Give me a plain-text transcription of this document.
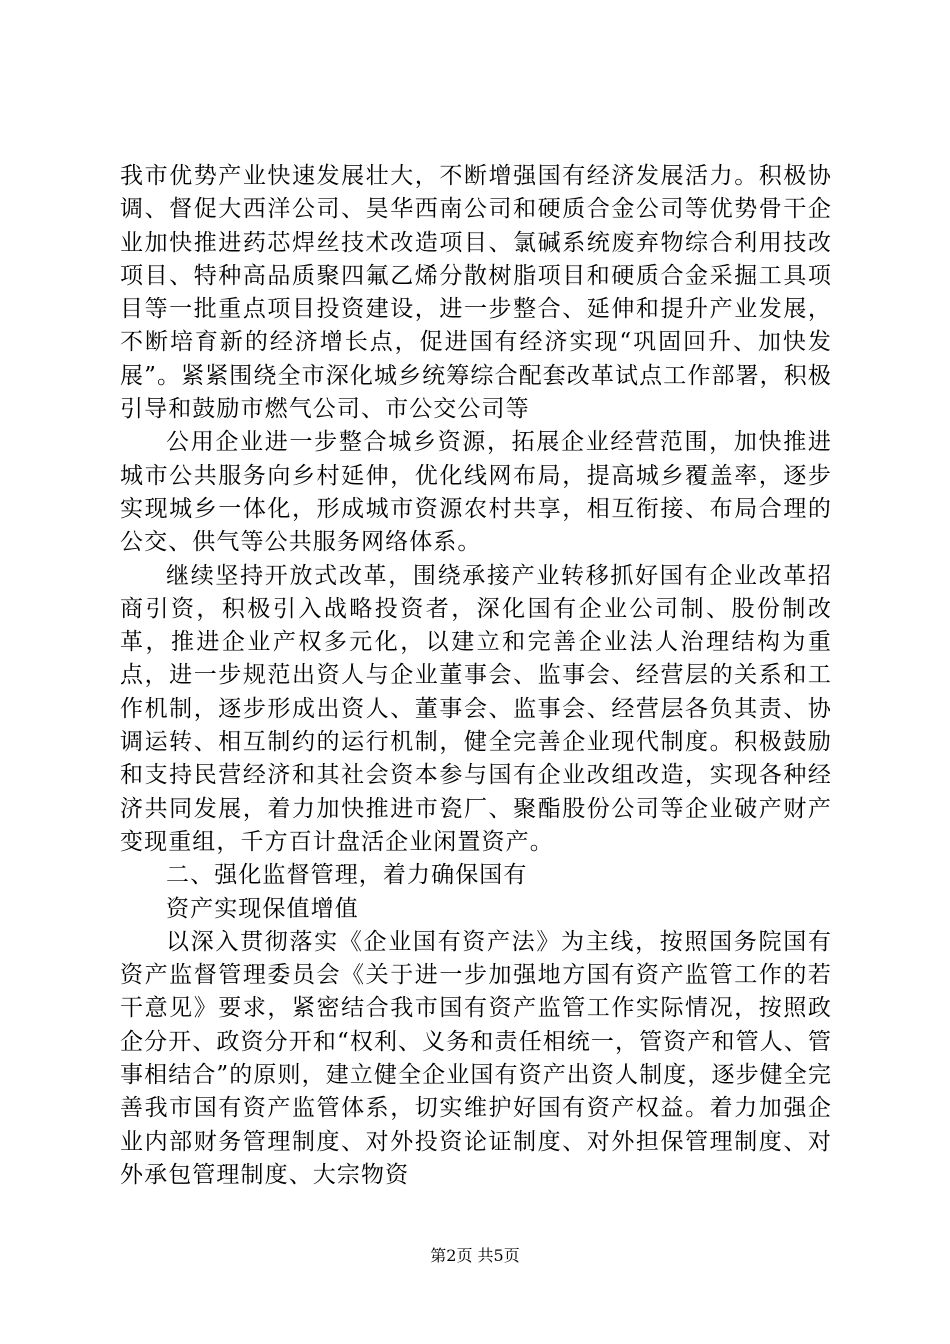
我市优势产业快速发展壮大，不断增强国有经济发展活力。积极协调、督促大西洋公司、昊华西南公司和硬质合金公司等优势骨干企业加快推进药芯焊丝技术改造项目、氯碱系统废弃物综合利用技改项目、特种高品质聚四氟乙烯分散树脂项目和硬质合金采掘工具项目等一批重点项目投资建设，进一步整合、延伸和提升产业发展，不断培育新的经济增长点，促进国有经济实现“巩固回升、加快发展”。紧紧围绕全市深化城乡统筹综合配套改革试点工作部署，积极引导和鼓励市燃气公司、市公交公司等

公用企业进一步整合城乡资源，拓展企业经营范围，加快推进城市公共服务向乡村延伸，优化线网布局，提高城乡覆盖率，逐步实现城乡一体化，形成城市资源农村共享，相互衔接、布局合理的公交、供气等公共服务网络体系。

继续坚持开放式改革，围绕承接产业转移抓好国有企业改革招商引资，积极引入战略投资者，深化国有企业公司制、股份制改革，推进企业产权多元化，以建立和完善企业法人治理结构为重点，进一步规范出资人与企业董事会、监事会、经营层的关系和工作机制，逐步形成出资人、董事会、监事会、经营层各负其责、协调运转、相互制约的运行机制，健全完善企业现代制度。积极鼓励和支持民营经济和其社会资本参与国有企业改组改造，实现各种经济共同发展，着力加快推进市瓷厂、聚酯股份公司等企业破产财产变现重组，千方百计盘活企业闲置资产。

二、强化监督管理，着力确保国有

资产实现保值增值

以深入贯彻落实《企业国有资产法》为主线，按照国务院国有资产监督管理委员会《关于进一步加强地方国有资产监管工作的若干意见》要求，紧密结合我市国有资产监管工作实际情况，按照政企分开、政资分开和“权利、义务和责任相统一，管资产和管人、管事相结合”的原则，建立健全企业国有资产出资人制度，逐步健全完善我市国有资产监管体系，切实维护好国有资产权益。着力加强企业内部财务管理制度、对外投资论证制度、对外担保管理制度、对外承包管理制度、大宗物资

第2页 共5页
